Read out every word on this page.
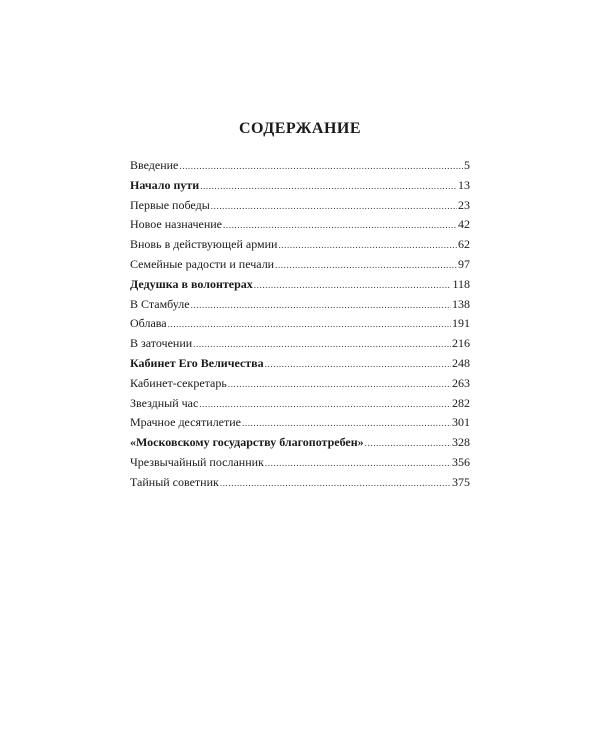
СОДЕРЖАНИЕ
Введение .....	5
Начало пути .....	13
Первые победы .....	23
Новое назначение .....	42
Вновь в действующей армии .....	62
Семейные радости и печали .....	97
Дедушка в волонтерах .....	118
В Стамбуле .....	138
Облава .....	191
В заточении .....	216
Кабинет Его Величества .....	248
Кабинет-секретарь .....	263
Звездный час .....	282
Мрачное десятилетие .....	301
«Московскому государству благопотребен» .....	328
Чрезвычайный посланник .....	356
Тайный советник .....	375
